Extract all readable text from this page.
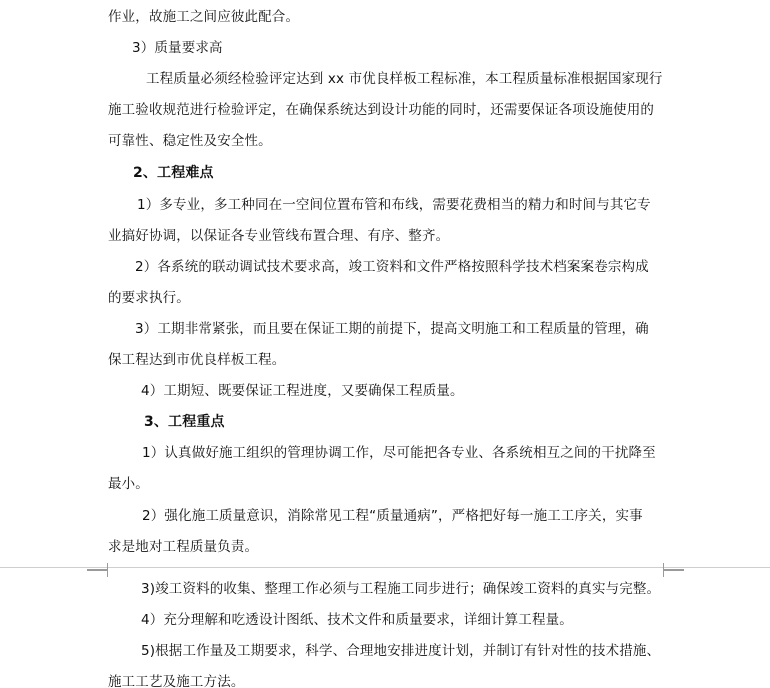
作业，故施工之间应彼此配合。
3）质量要求高
工程质量必须经检验评定达到 xx 市优良样板工程标准，本工程质量标准根据国家现行
施工验收规范进行检验评定，在确保系统达到设计功能的同时，还需要保证各项设施使用的
可靠性、稳定性及安全性。
2、工程难点
1）多专业，多工种同在一空间位置布管和布线，需要花费相当的精力和时间与其它专
业搞好协调，以保证各专业管线布置合理、有序、整齐。
2）各系统的联动调试技术要求高，竣工资料和文件严格按照科学技术档案案卷宗构成
的要求执行。
3）工期非常紧张，而且要在保证工期的前提下，提高文明施工和工程质量的管理，确
保工程达到市优良样板工程。
4）工期短、既要保证工程进度，又要确保工程质量。
3、工程重点
1）认真做好施工组织的管理协调工作，尽可能把各专业、各系统相互之间的干扰降至
最小。
2）强化施工质量意识，消除常见工程“质量通病”，严格把好每一施工工序关，实事
求是地对工程质量负责。
3)竣工资料的收集、整理工作必须与工程施工同步进行；确保竣工资料的真实与完整。
4）充分理解和吃透设计图纸、技术文件和质量要求，详细计算工程量。
5)根据工作量及工期要求，科学、合理地安排进度计划，并制订有针对性的技术措施、
施工工艺及施工方法。
